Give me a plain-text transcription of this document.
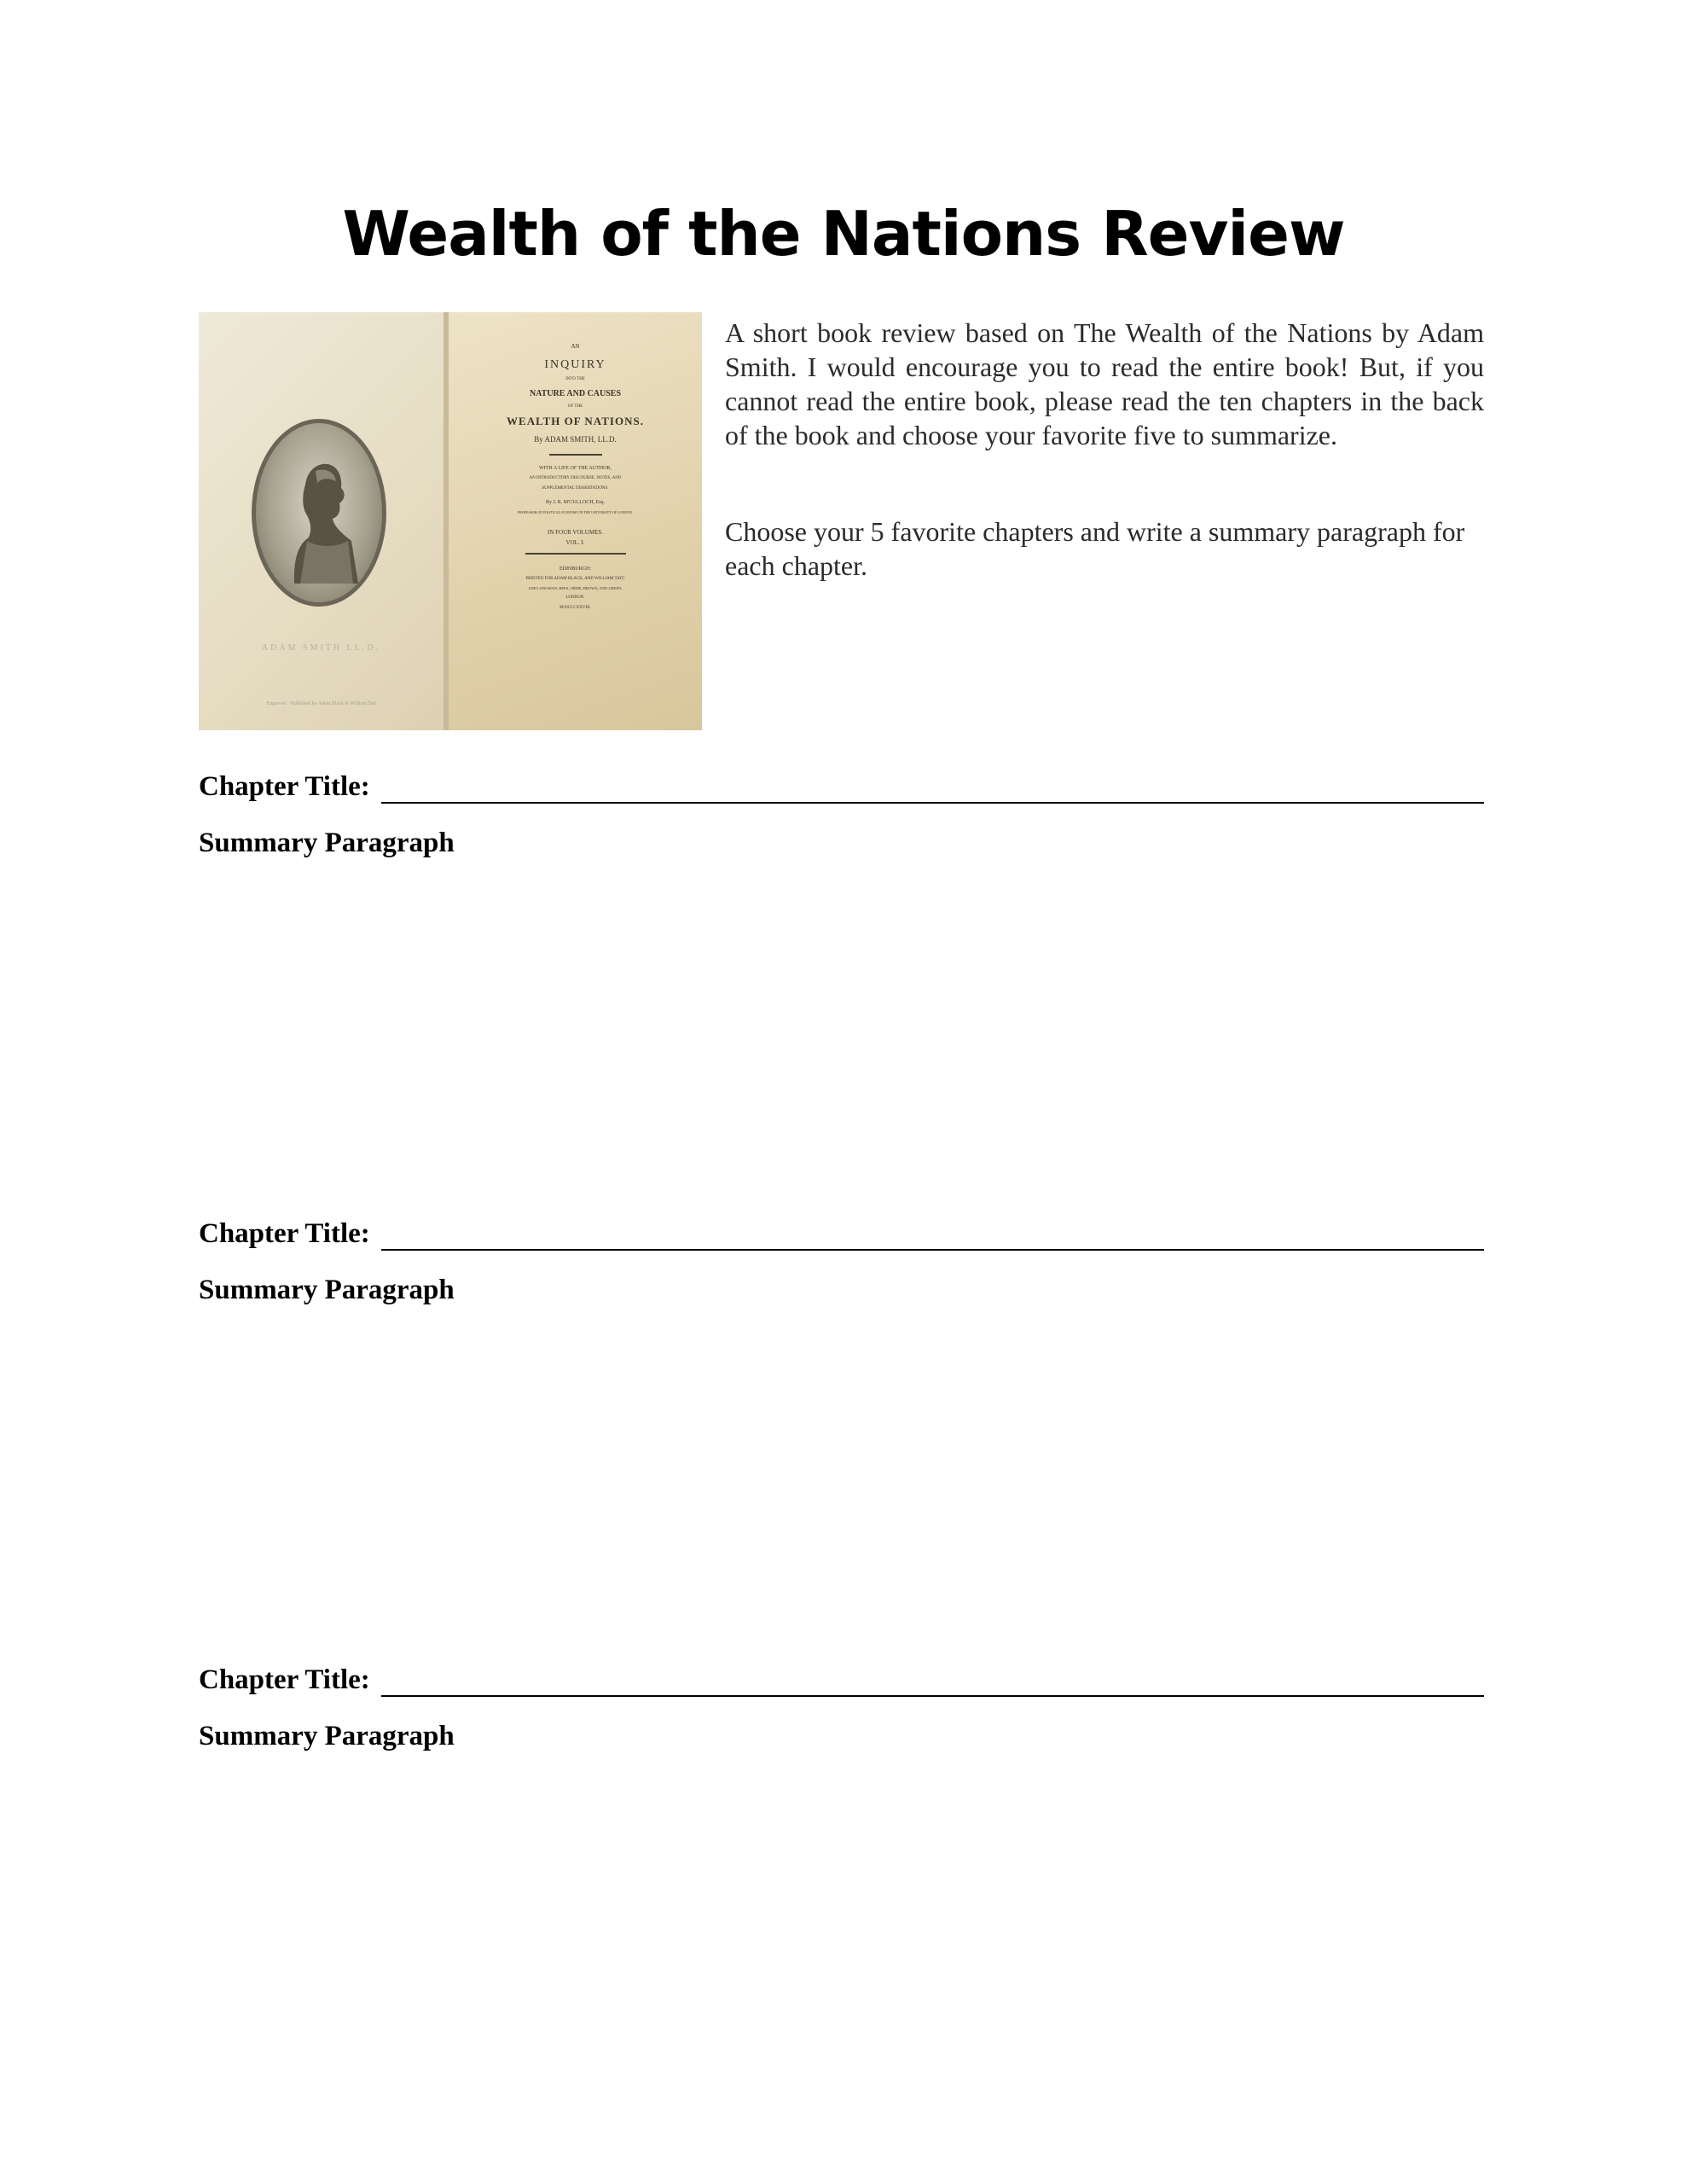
Wealth of the Nations Review
ADAM SMITH LL.D.
Engraved · Published by Adam Black & William Tait
AN
INQUIRY
INTO THE
NATURE AND CAUSES
OF THE
WEALTH OF NATIONS.
By ADAM SMITH, LL.D.
WITH A LIFE OF THE AUTHOR,
AN INTRODUCTORY DISCOURSE, NOTES, AND
SUPPLEMENTAL DISSERTATIONS.
By J. R. M'CULLOCH, Esq.
PROFESSOR OF POLITICAL ECONOMY IN THE UNIVERSITY OF LONDON.
IN FOUR VOLUMES.
VOL. I.
EDINBURGH:
PRINTED FOR ADAM BLACK, AND WILLIAM TAIT;
AND LONGMAN, REES, ORME, BROWN, AND GREEN,
LONDON.
M.DCCCXXVIII.

A short book review based on The Wealth of the Nations by Adam Smith. I would encourage you to read the entire book! But, if you cannot read the entire book, please read the ten chapters in the back of the book and choose your favorite five to summarize.

Choose your 5 favorite chapters and write a summary paragraph for each chapter.

Chapter Title:
Summary Paragraph
Chapter Title:
Summary Paragraph
Chapter Title:
Summary Paragraph
